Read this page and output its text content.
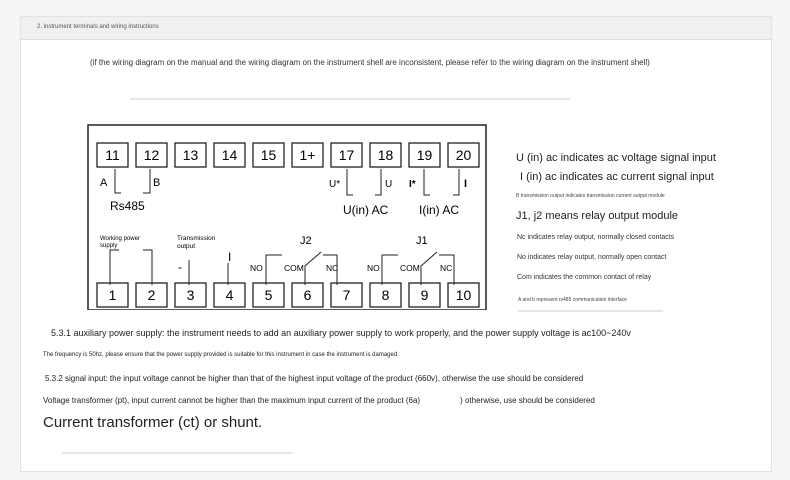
2. instrument terminals and wiring instructions
(if the wiring diagram on the manual and the wiring diagram on the instrument shell are inconsistent, please refer to the wiring diagram on the instrument shell)
11 12 13 14 15 1+ 17 18 19 20
1 2 3 4 5 6 7 8 9 10
A	B
Rs485
U*	U
U(in) AC
I*	I
I(in) AC
Working power
supply
Transmission
output
-
I
J2
NO	COM	NC
J1
NO COM NC
U (in) ac indicates ac voltage signal input
I (in) ac indicates ac current signal input
B transmission output indicates transmission current output module
J1, j2 means relay output module
Nc indicates relay output, normally closed contacts
No indicates relay output, normally open contact
Com indicates the common contact of relay
A and b represent rs485 communication interface
5.3.1 auxiliary power supply: the instrument needs to add an auxiliary power supply to work properly, and the power supply voltage is ac100~240v
The frequency is 50hz, please ensure that the power supply provided is suitable for this instrument in case the instrument is damaged.
5.3.2 signal input: the input voltage cannot be higher than that of the highest input voltage of the product (660v), otherwise the use should be considered
Voltage transformer (pt), input current cannot be higher than the maximum input current of the product (6a)	) otherwise, use should be considered
Current transformer (ct) or shunt.
